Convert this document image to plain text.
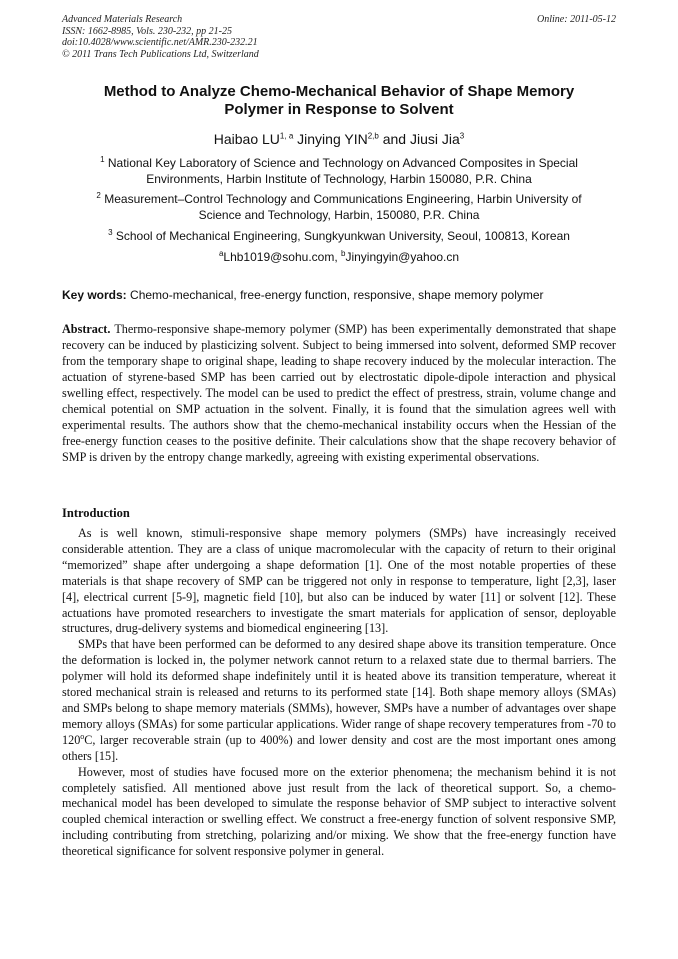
Advanced Materials Research
ISSN: 1662-8985, Vols. 230-232, pp 21-25
doi:10.4028/www.scientific.net/AMR.230-232.21
© 2011 Trans Tech Publications Ltd, Switzerland
Online: 2011-05-12
Method to Analyze Chemo-Mechanical Behavior of Shape Memory
Polymer in Response to Solvent
Haibao LU$^{1, a}$ Jinying YIN$^{2,b}$ and Jiusi Jia$^3$
$^1$ National Key Laboratory of Science and Technology on Advanced Composites in Special
Environments, Harbin Institute of Technology, Harbin 150080, P.R. China
$^2$ Measurement–Control Technology and Communications Engineering, Harbin University of
Science and Technology, Harbin, 150080, P.R. China
$^3$ School of Mechanical Engineering, Sungkyunkwan University, Seoul, 100813, Korean
$^a$Lhb1019@sohu.com, $^b$Jinyingyin@yahoo.cn
Key words: Chemo-mechanical, free-energy function, responsive, shape memory polymer
Abstract. Thermo-responsive shape-memory polymer (SMP) has been experimentally demonstrated that shape recovery can be induced by plasticizing solvent. Subject to being immersed into solvent, deformed SMP recover from the temporary shape to original shape, leading to shape recovery induced by the molecular interaction. The actuation of styrene-based SMP has been carried out by electrostatic dipole-dipole interaction and physical swelling effect, respectively. The model can be used to predict the effect of prestress, strain, volume change and chemical potential on SMP actuation in the solvent. Finally, it is found that the simulation agrees well with experimental results. The authors show that the chemo-mechanical instability occurs when the Hessian of the free-energy function ceases to the positive definite. Their calculations show that the shape recovery behavior of SMP is driven by the entropy change markedly, agreeing with existing experimental observations.
Introduction

As is well known, stimuli-responsive shape memory polymers (SMPs) have increasingly received considerable attention. They are a class of unique macromolecular with the capacity of return to their original “memorized” shape after undergoing a shape deformation [1]. One of the most notable properties of these materials is that shape recovery of SMP can be triggered not only in response to temperature, light [2,3], laser [4], electrical current [5-9], magnetic field [10], but also can be induced by water [11] or solvent [12]. These actuations have promoted researchers to investigate the smart materials for application of sensor, deployable structures, drug-delivery systems and biomedical engineering [13].

SMPs that have been performed can be deformed to any desired shape above its transition temperature. Once the deformation is locked in, the polymer network cannot return to a relaxed state due to thermal barriers. The polymer will hold its deformed shape indefinitely until it is heated above its transition temperature, whereat it stored mechanical strain is released and returns to its performed state [14]. Both shape memory alloys (SMAs) and SMPs belong to shape memory materials (SMMs), however, SMPs have a number of advantages over shape memory alloys (SMAs) for some particular applications. Wider range of shape recovery temperatures from -70 to 120$^o$C, larger recoverable strain (up to 400%) and lower density and cost are the most important ones among others [15].

However, most of studies have focused more on the exterior phenomena; the mechanism behind it is not completely satisfied. All mentioned above just result from the lack of theoretical support. So, a chemo-mechanical model has been developed to simulate the response behavior of SMP subject to interactive solvent coupled chemical interaction or swelling effect. We construct a free-energy function of solvent responsive SMP, including contributing from stretching, polarizing and/or mixing. We show that the free-energy function have theoretical significance for solvent responsive polymer in general.
